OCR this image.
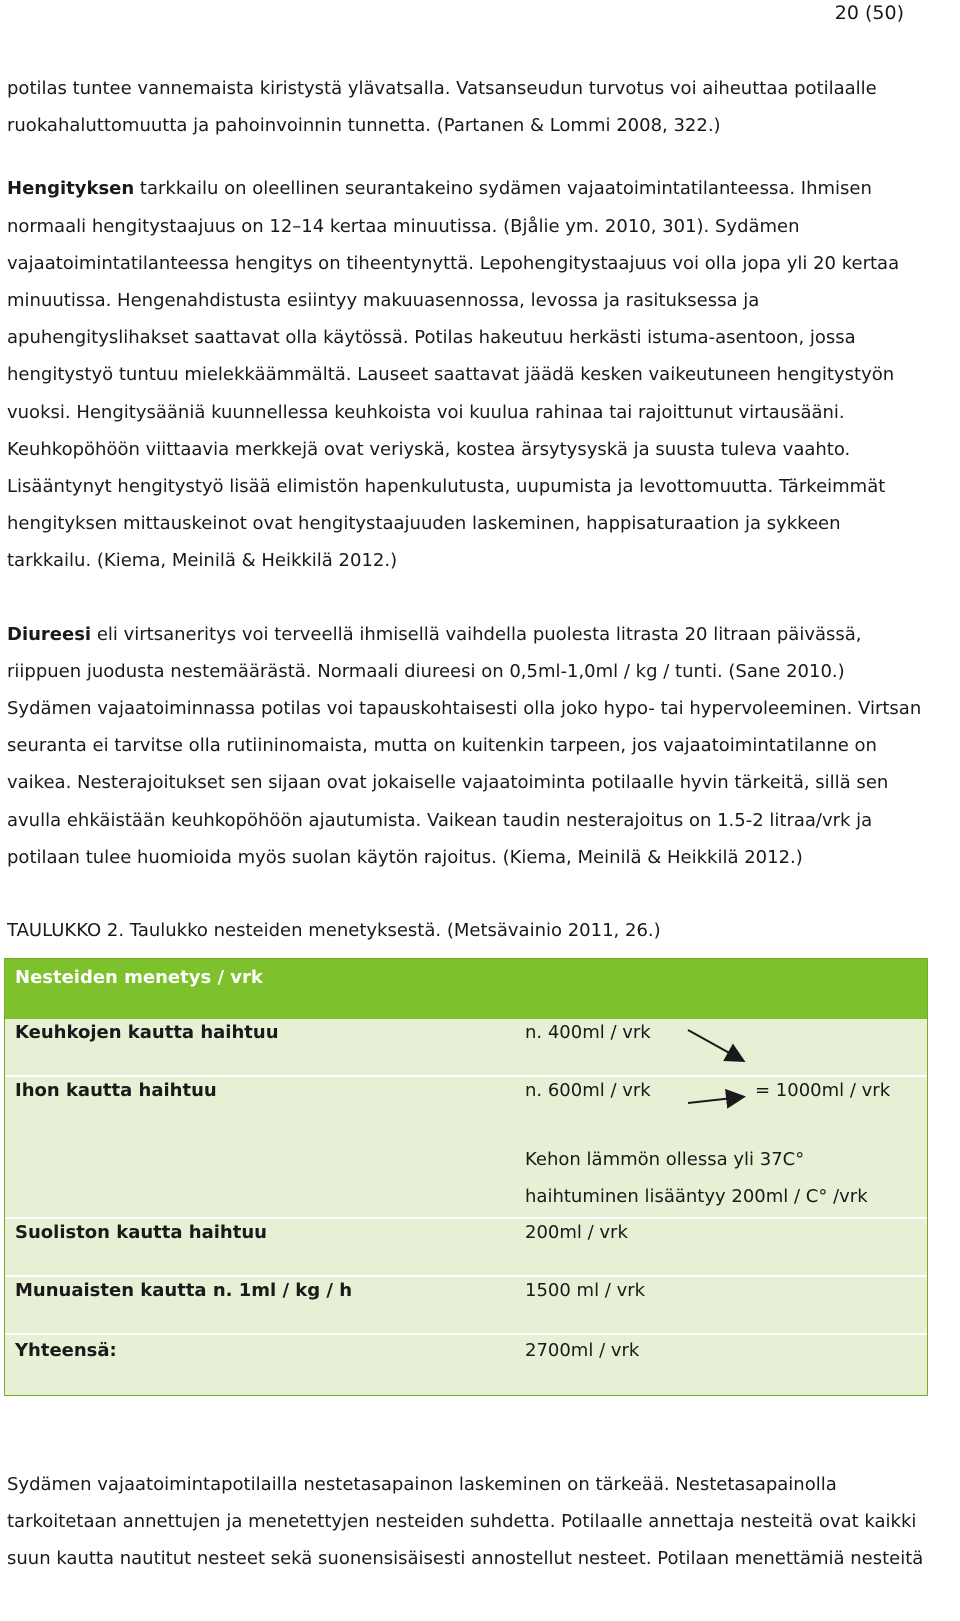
20 (50)

potilas tuntee vannemaista kiristystä ylävatsalla. Vatsanseudun turvotus voi aiheuttaa potilaalle ruokahaluttomuutta ja pahoinvoinnin tunnetta. (Partanen & Lommi 2008, 322.)

Hengityksen tarkkailu on oleellinen seurantakeino sydämen vajaatoimintatilanteessa. Ihmisen normaali hengitystaajuus on 12–14 kertaa minuutissa. (Bjålie ym. 2010, 301). Sydämen vajaatoimintatilanteessa hengitys on tiheentynyttä. Lepohengitystaajuus voi olla jopa yli 20 kertaa minuutissa. Hengenahdistusta esiintyy makuuasennossa, levossa ja rasituksessa ja apuhengityslihakset saattavat olla käytössä. Potilas hakeutuu herkästi istuma-asentoon, jossa hengitystyö tuntuu mielekkäämmältä. Lauseet saattavat jäädä kesken vaikeutuneen hengitystyön vuoksi. Hengitysääniä kuunnellessa keuhkoista voi kuulua rahinaa tai rajoittunut virtausääni. Keuhkopöhöön viittaavia merkkejä ovat veriyskä, kostea ärsytysyskä ja suusta tuleva vaahto. Lisääntynyt hengitystyö lisää elimistön hapenkulutusta, uupumista ja levottomuutta. Tärkeimmät hengityksen mittauskeinot ovat hengitystaajuuden laskeminen, happisaturaation ja sykkeen tarkkailu. (Kiema, Meinilä & Heikkilä 2012.)

Diureesi eli virtsaneritys voi terveellä ihmisellä vaihdella puolesta litrasta 20 litraan päivässä, riippuen juodusta nestemäärästä. Normaali diureesi on 0,5ml-1,0ml / kg / tunti. (Sane 2010.) Sydämen vajaatoiminnassa potilas voi tapauskohtaisesti olla joko hypo- tai hypervoleeminen. Virtsan seuranta ei tarvitse olla rutiininomaista, mutta on kuitenkin tarpeen, jos vajaatoimintatilanne on vaikea. Nesterajoitukset sen sijaan ovat jokaiselle vajaatoiminta potilaalle hyvin tärkeitä, sillä sen avulla ehkäistään keuhkopöhöön ajautumista. Vaikean taudin nesterajoitus on 1.5-2 litraa/vrk ja potilaan tulee huomioida myös suolan käytön rajoitus. (Kiema, Meinilä & Heikkilä 2012.)

TAULUKKO 2. Taulukko nesteiden menetyksestä. (Metsävainio 2011, 26.)
Nesteiden menetys / vrk
Keuhkojen kautta haihtuu	n. 400ml / vrk
Ihon kautta haihtuu	n. 600ml / vrk	= 1000ml / vrk
Kehon lämmön ollessa yli 37C° haihtuminen lisääntyy 200ml / C° /vrk
Suoliston kautta haihtuu	200ml / vrk
Munuaisten kautta n. 1ml / kg / h	1500 ml / vrk
Yhteensä:	2700ml / vrk

Sydämen vajaatoimintapotilailla nestetasapainon laskeminen on tärkeää. Nestetasapainolla tarkoitetaan annettujen ja menetettyjen nesteiden suhdetta. Potilaalle annettaja nesteitä ovat kaikki suun kautta nautitut nesteet sekä suonensisäisesti annostellut nesteet. Potilaan menettämiä nesteitä
